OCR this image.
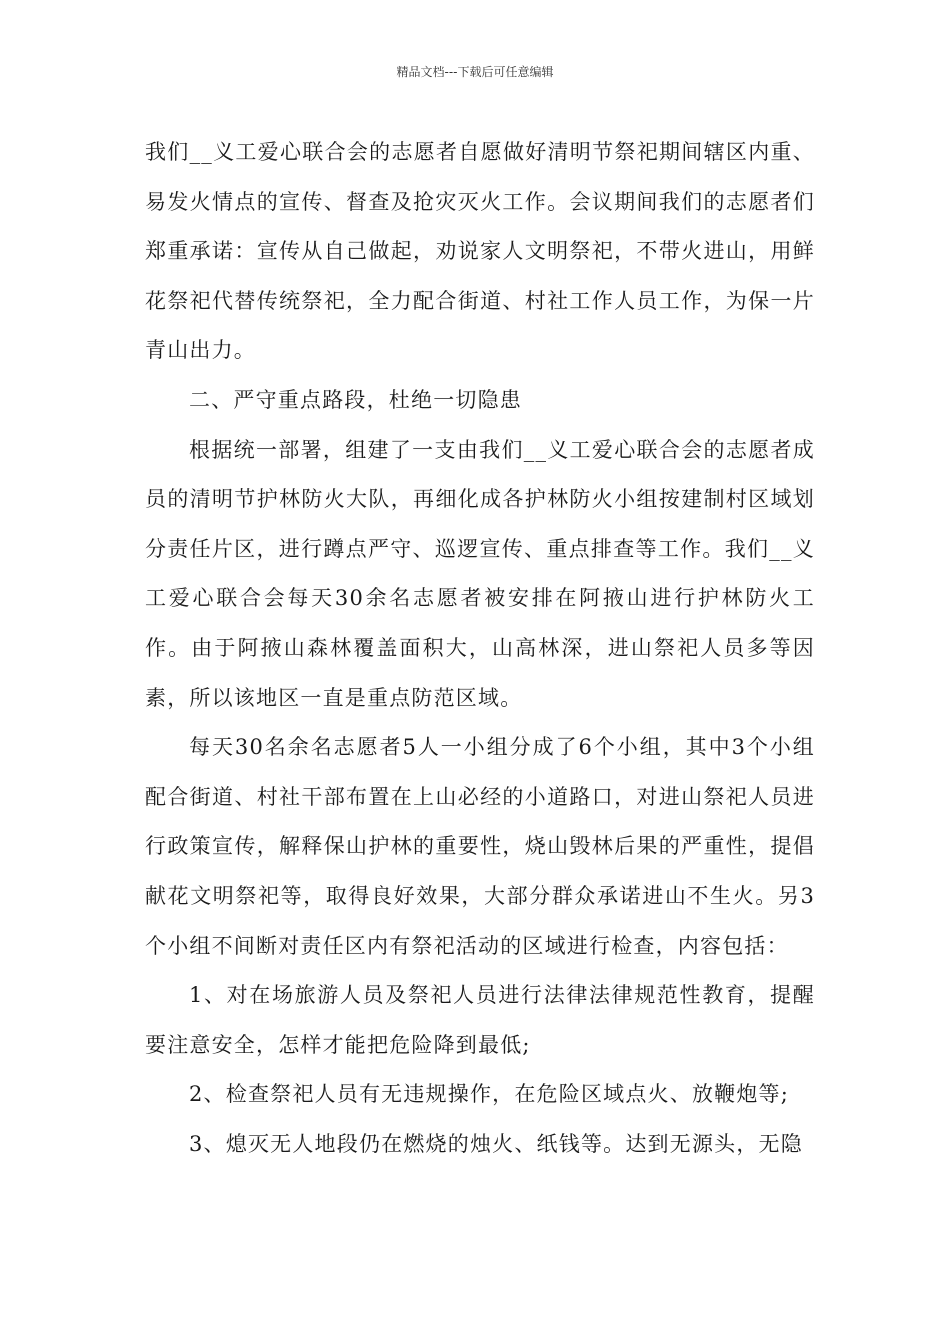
精品文档---下载后可任意编辑

我们__义工爱心联合会的志愿者自愿做好清明节祭祀期间辖区内重、易发火情点的宣传、督查及抢灾灭火工作。会议期间我们的志愿者们郑重承诺：宣传从自己做起，劝说家人文明祭祀，不带火进山，用鲜花祭祀代替传统祭祀，全力配合街道、村社工作人员工作，为保一片青山出力。

二、严守重点路段，杜绝一切隐患

根据统一部署，组建了一支由我们__义工爱心联合会的志愿者成员的清明节护林防火大队，再细化成各护林防火小组按建制村区域划分责任片区，进行蹲点严守、巡逻宣传、重点排查等工作。我们__义工爱心联合会每天30余名志愿者被安排在阿掖山进行护林防火工作。由于阿掖山森林覆盖面积大，山高林深，进山祭祀人员多等因素，所以该地区一直是重点防范区域。

每天30名余名志愿者5人一小组分成了6个小组，其中3个小组配合街道、村社干部布置在上山必经的小道路口，对进山祭祀人员进行政策宣传，解释保山护林的重要性，烧山毁林后果的严重性，提倡献花文明祭祀等，取得良好效果，大部分群众承诺进山不生火。另3个小组不间断对责任区内有祭祀活动的区域进行检查，内容包括：

1、对在场旅游人员及祭祀人员进行法律法律规范性教育，提醒要注意安全，怎样才能把危险降到最低;

2、检查祭祀人员有无违规操作，在危险区域点火、放鞭炮等;

3、熄灭无人地段仍在燃烧的烛火、纸钱等。达到无源头，无隐
